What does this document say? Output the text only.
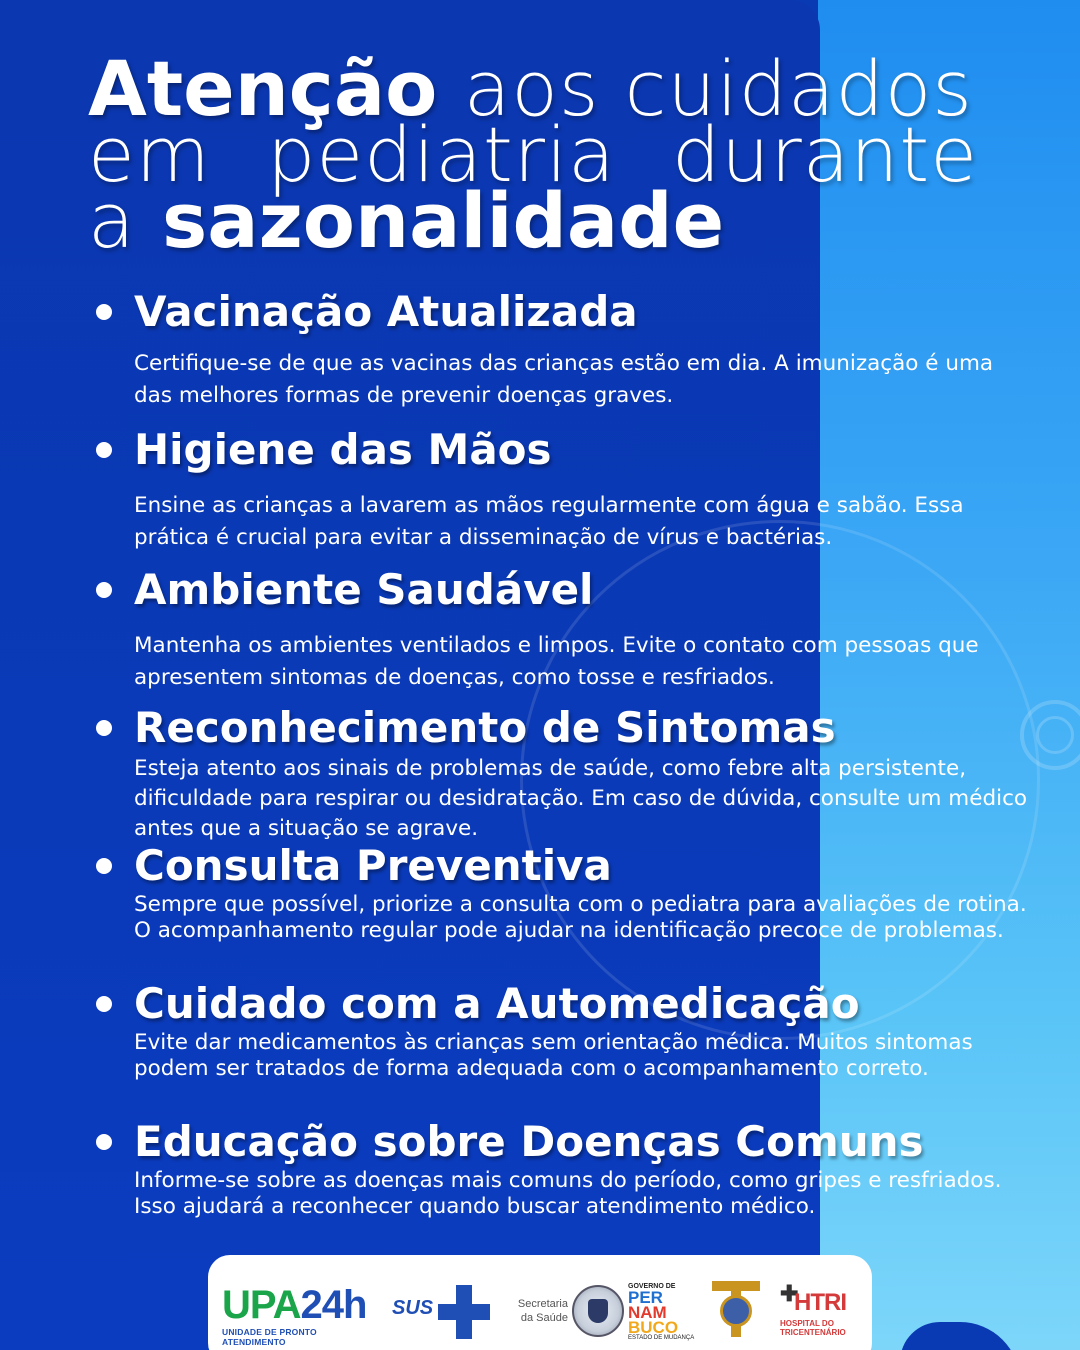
Atenção aos cuidados
em pediatria durante
a sazonalidade
Vacinação Atualizada

Certifique-se de que as vacinas das crianças estão em dia. A imunização é uma das melhores formas de prevenir doenças graves.

Higiene das Mãos

Ensine as crianças a lavarem as mãos regularmente com água e sabão. Essa prática é crucial para evitar a disseminação de vírus e bactérias.

Ambiente Saudável

Mantenha os ambientes ventilados e limpos. Evite o contato com pessoas que apresentem sintomas de doenças, como tosse e resfriados.

Reconhecimento de Sintomas

Esteja atento aos sinais de problemas de saúde, como febre alta persistente, dificuldade para respirar ou desidratação. Em caso de dúvida, consulte um médico antes que a situação se agrave.

Consulta Preventiva

Sempre que possível, priorize a consulta com o pediatra para avaliações de rotina. O acompanhamento regular pode ajudar na identificação precoce de problemas.

Cuidado com a Automedicação

Evite dar medicamentos às crianças sem orientação médica. Muitos sintomas podem ser tratados de forma adequada com o acompanhamento correto.

Educação sobre Doenças Comuns

Informe-se sobre as doenças mais comuns do período, como gripes e resfriados. Isso ajudará a reconhecer quando buscar atendimento médico.

UPA24h
UNIDADE DE PRONTO ATENDIMENTO
SUS	Secretaria
da Saúde
GOVERNO DE
PER
NAM
BUCO
ESTADO DE MUDANÇA
✚
HTRI
HOSPITAL DO
TRICENTENÁRIO
